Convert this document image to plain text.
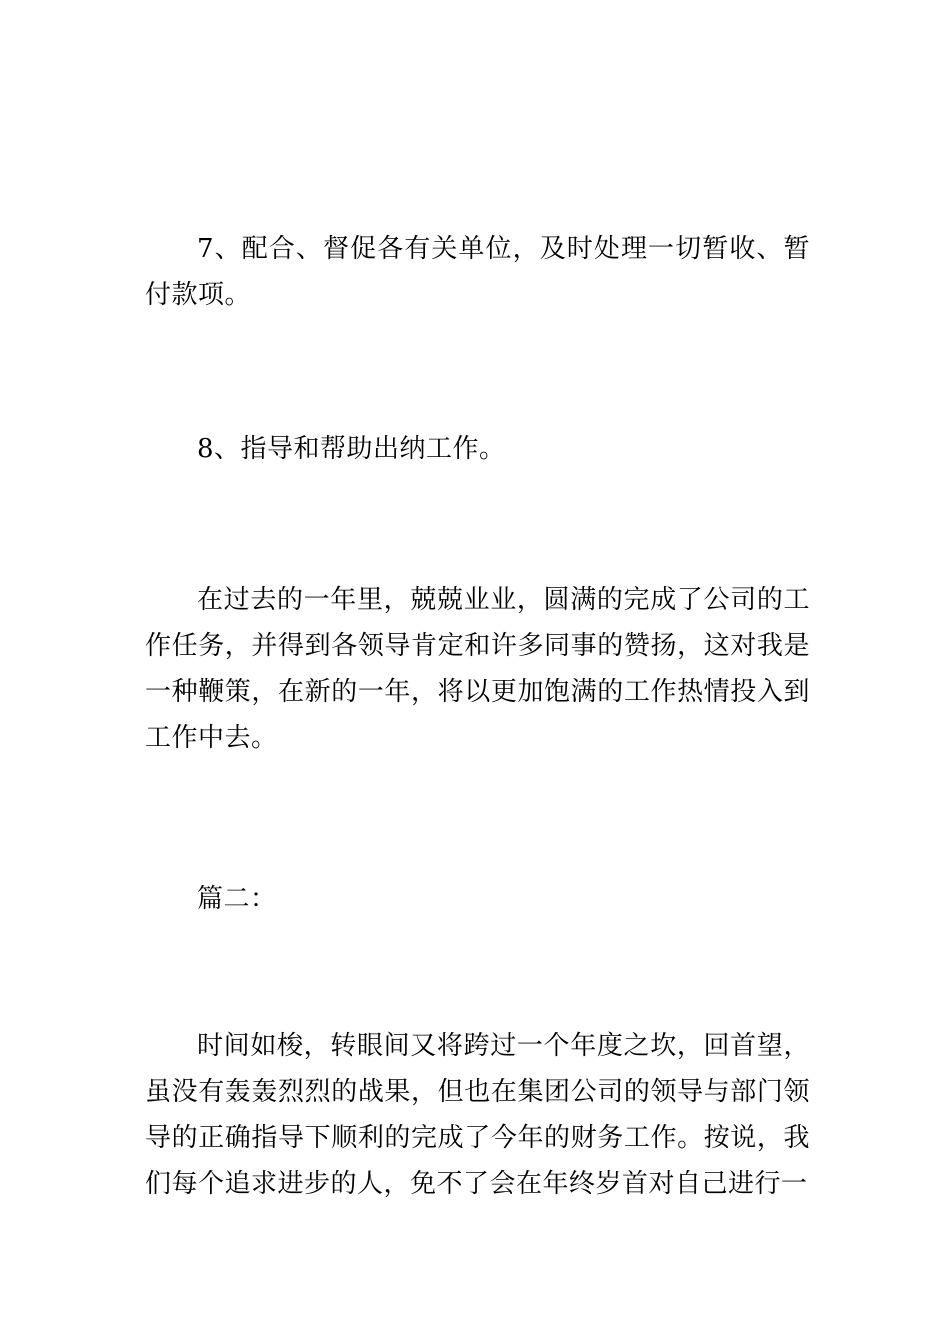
7、配合、督促各有关单位，及时处理一切暂收、暂付款项。

8、指导和帮助出纳工作。

在过去的一年里，兢兢业业，圆满的完成了公司的工作任务，并得到各领导肯定和许多同事的赞扬，这对我是一种鞭策，在新的一年，将以更加饱满的工作热情投入到工作中去。

篇二：

时间如梭，转眼间又将跨过一个年度之坎，回首望，虽没有轰轰烈烈的战果，但也在集团公司的领导与部门领导的正确指导下顺利的完成了今年的财务工作。按说，我们每个追求进步的人，免不了会在年终岁首对自己进行一
